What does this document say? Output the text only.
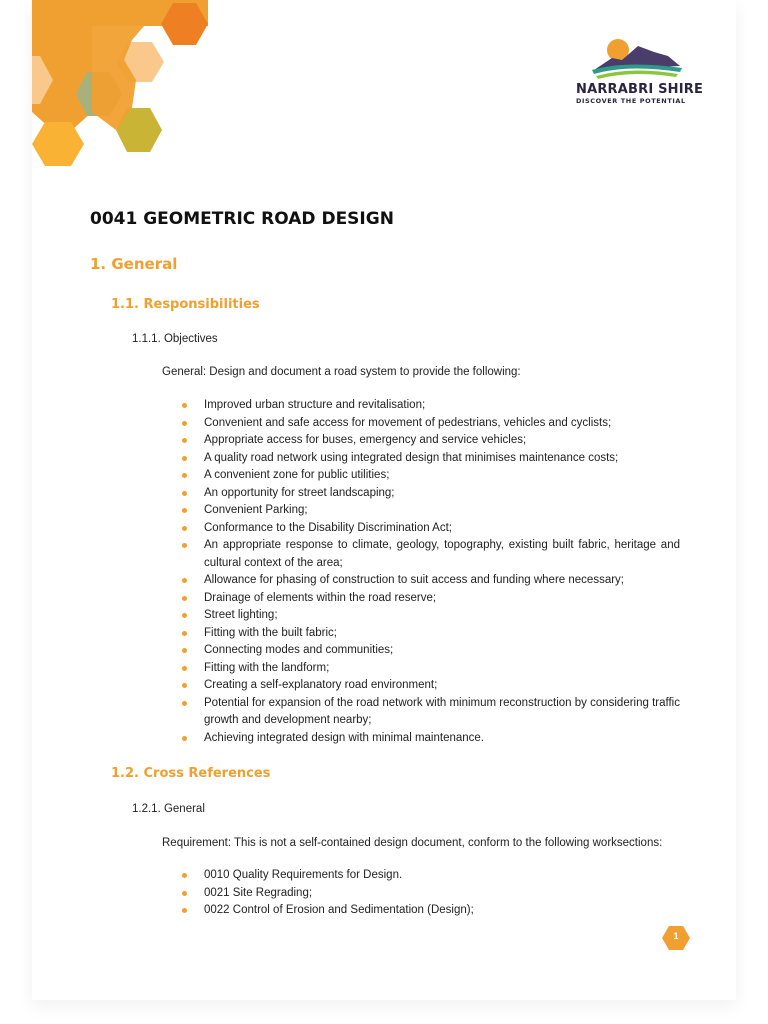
NARRABRI SHIRE
DISCOVER THE POTENTIAL
0041 GEOMETRIC ROAD DESIGN
1. General
1.1. Responsibilities

1.1.1. Objectives

General: Design and document a road system to provide the following:

Improved urban structure and revitalisation;
Convenient and safe access for movement of pedestrians, vehicles and cyclists;
Appropriate access for buses, emergency and service vehicles;
A quality road network using integrated design that minimises maintenance costs;
A convenient zone for public utilities;
An opportunity for street landscaping;
Convenient Parking;
Conformance to the Disability Discrimination Act;
An appropriate response to climate, geology, topography, existing built fabric, heritage and cultural context of the area;
Allowance for phasing of construction to suit access and funding where necessary;
Drainage of elements within the road reserve;
Street lighting;
Fitting with the built fabric;
Connecting modes and communities;
Fitting with the landform;
Creating a self-explanatory road environment;
Potential for expansion of the road network with minimum reconstruction by considering traffic growth and development nearby;
Achieving integrated design with minimal maintenance.
1.2. Cross References

1.2.1. General

Requirement: This is not a self-contained design document, conform to the following worksections:

0010 Quality Requirements for Design.
0021 Site Regrading;
0022 Control of Erosion and Sedimentation (Design);
1
